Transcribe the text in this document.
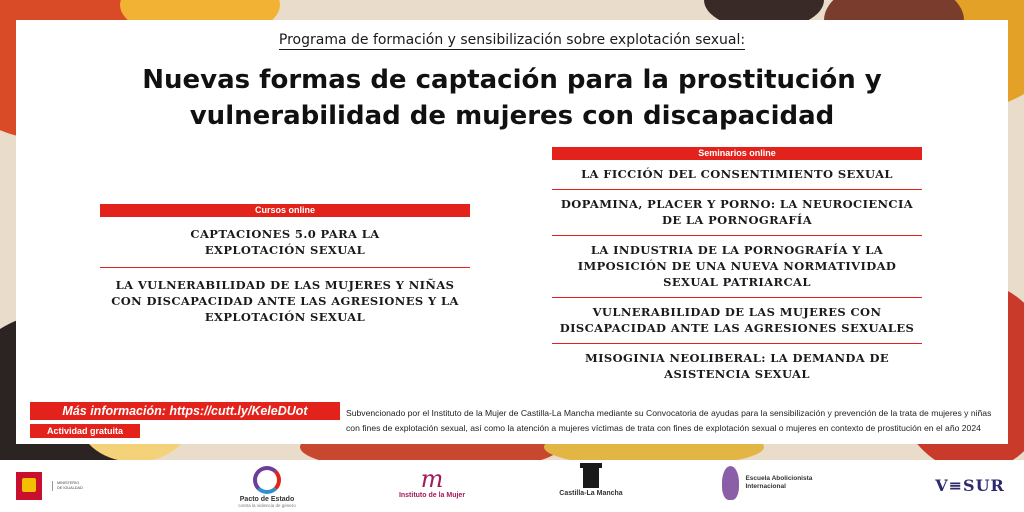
Programa de formación y sensibilización sobre explotación sexual:
Nuevas formas de captación para la prostitución y
vulnerabilidad de mujeres con discapacidad
Seminarios online
LA FICCIÓN DEL CONSENTIMIENTO SEXUAL
DOPAMINA, PLACER Y PORNO: LA NEUROCIENCIA
DE LA PORNOGRAFÍA
LA INDUSTRIA DE LA PORNOGRAFÍA Y LA
IMPOSICIÓN DE UNA NUEVA NORMATIVIDAD
SEXUAL PATRIARCAL
VULNERABILIDAD DE LAS MUJERES CON
DISCAPACIDAD ANTE LAS AGRESIONES SEXUALES
MISOGINIA NEOLIBERAL: LA DEMANDA DE
ASISTENCIA SEXUAL
Cursos online
CAPTACIONES 5.0 PARA LA
EXPLOTACIÓN SEXUAL
LA VULNERABILIDAD DE LAS MUJERES Y NIÑAS
CON DISCAPACIDAD ANTE LAS AGRESIONES Y LA
EXPLOTACIÓN SEXUAL
Más información: https://cutt.ly/KeleDUot
Actividad gratuita
Subvencionado por el Instituto de la Mujer de Castilla-La Mancha mediante su Convocatoria de ayudas para la sensibilización y prevención de la trata de mujeres y niñas
con fines de explotación sexual, así como la atención a mujeres víctimas de trata con fines de explotación sexual o mujeres en contexto de prostitución en el año 2024
MINISTERIO
DE IGUALDAD
Pacto de Estado
contra la violencia de género
m
Instituto de la Mujer	Castilla-La Mancha
Escuela Abolicionista Internacional	V≡SUR
